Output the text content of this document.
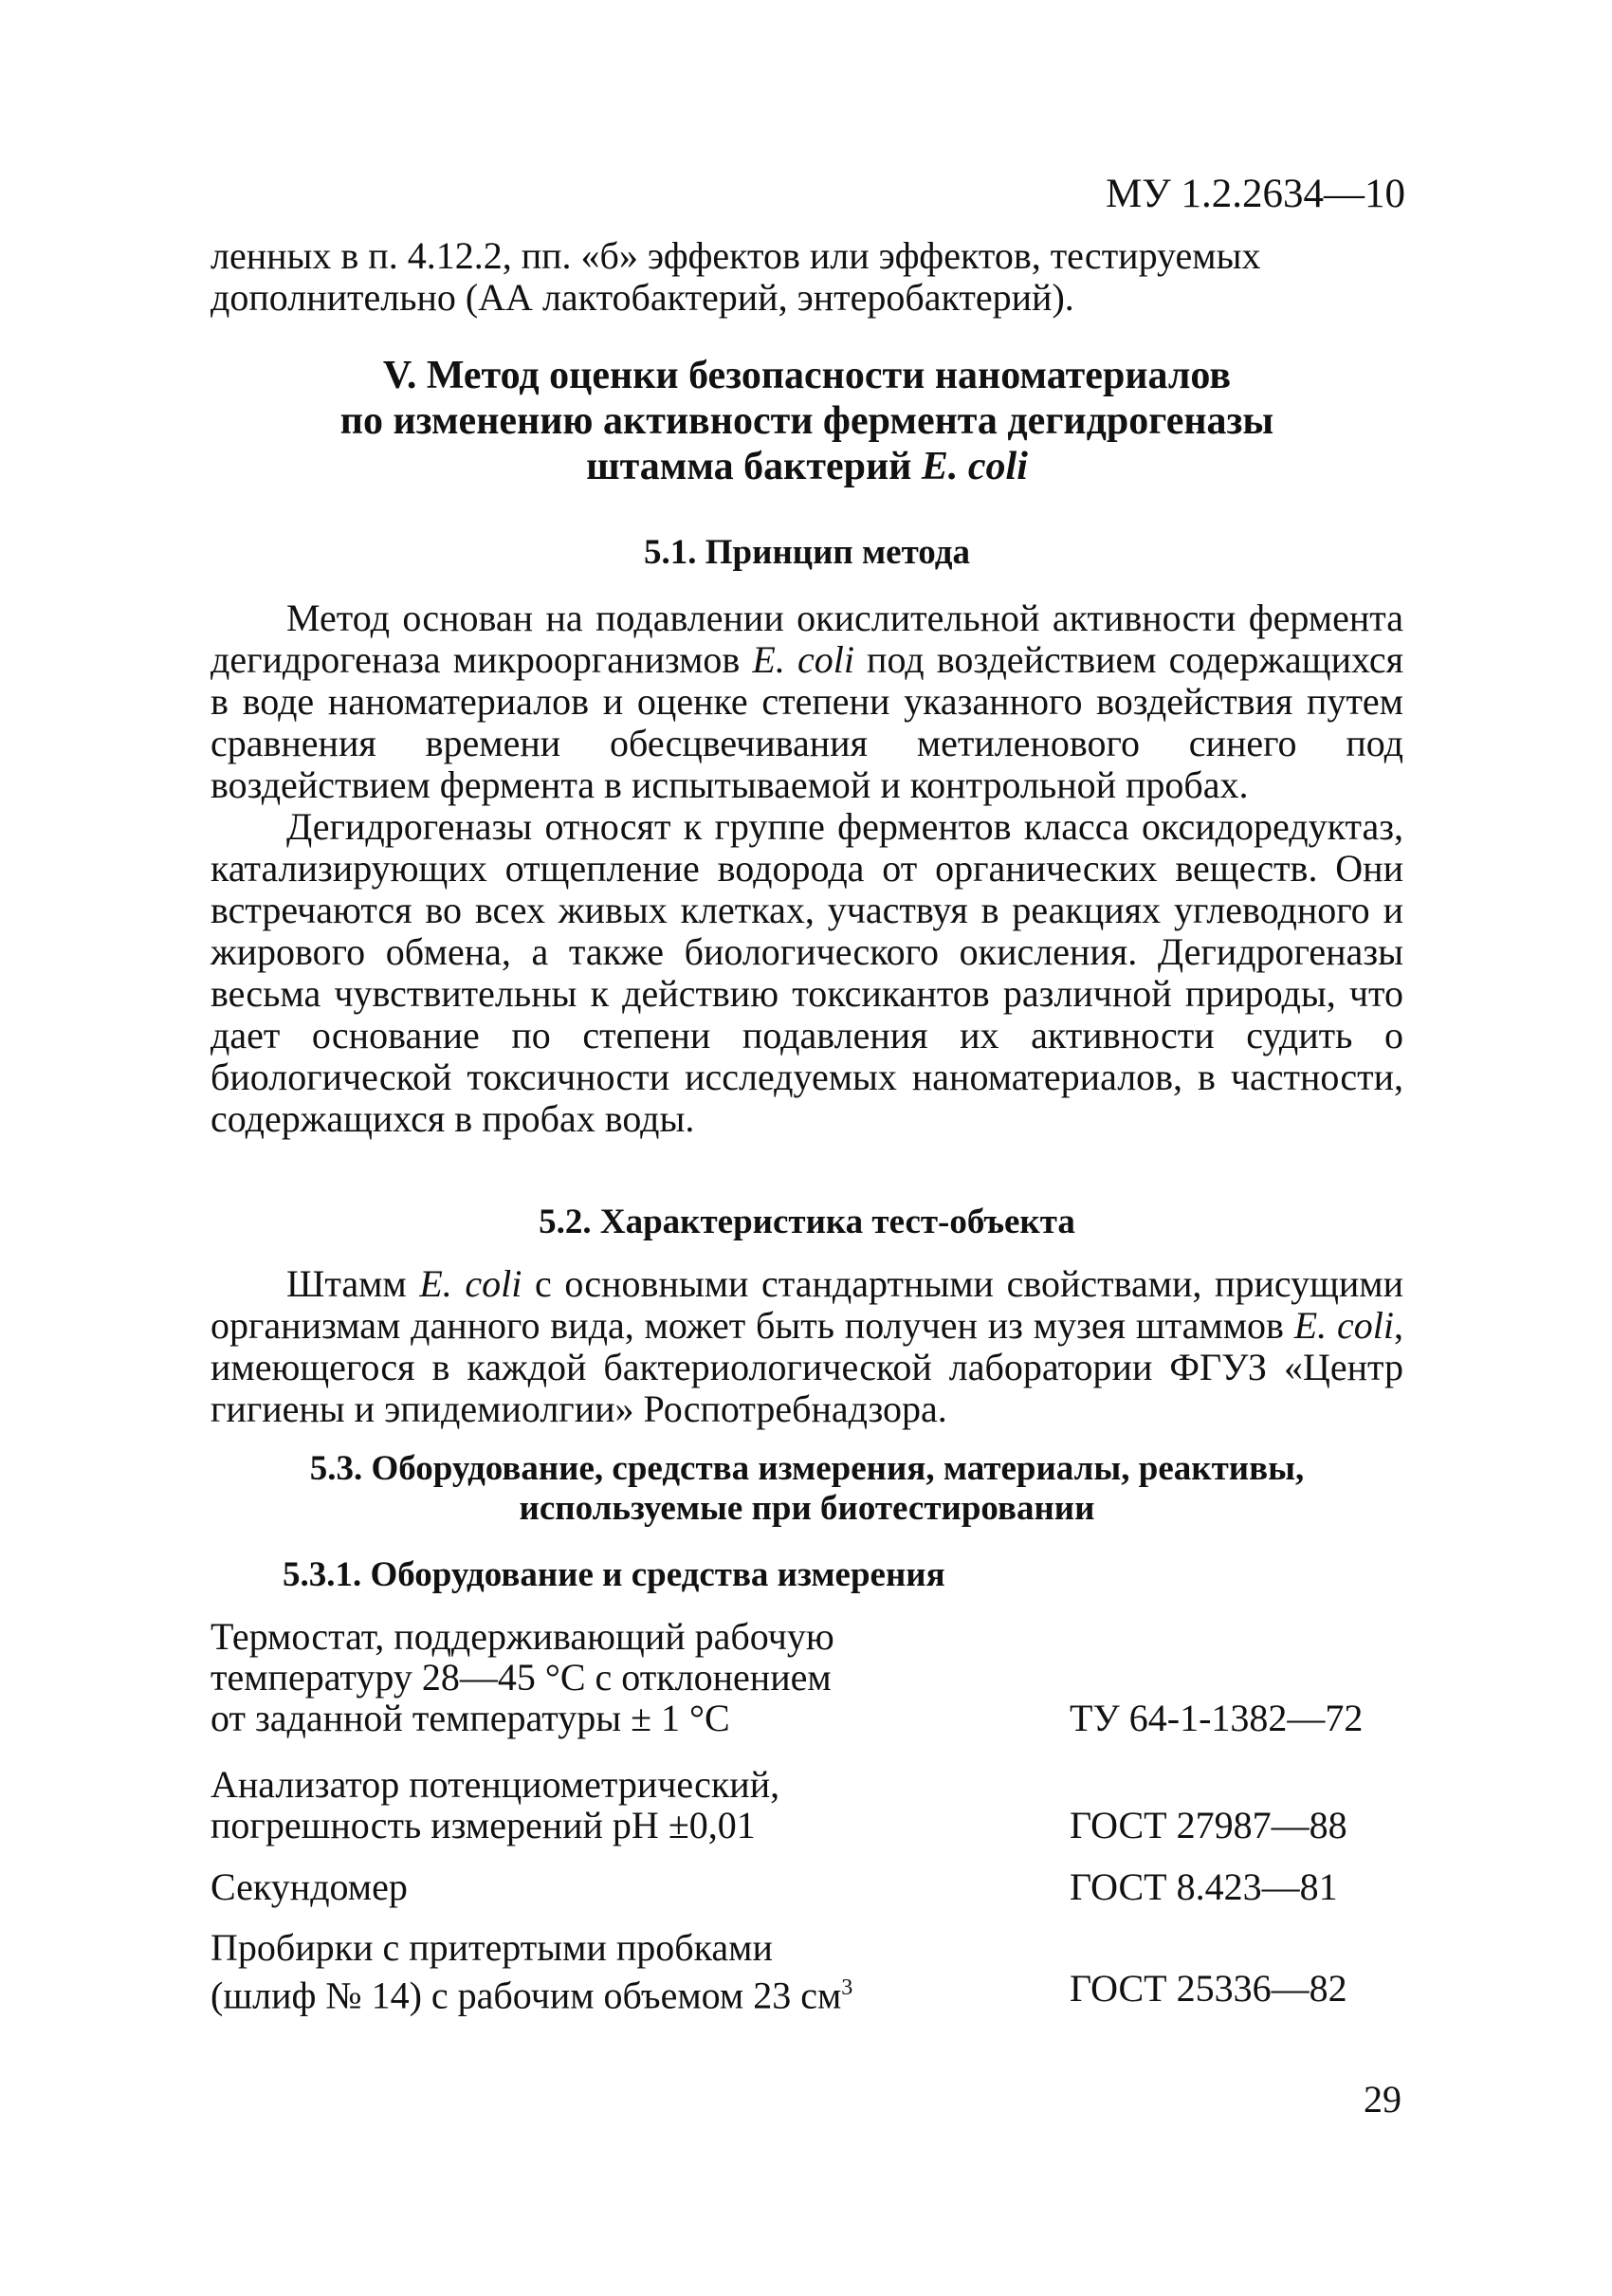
МУ 1.2.2634—10

ленных в п. 4.12.2, пп. «б» эффектов или эффектов, тестируемых

дополнительно (АА лактобактерий, энтеробактерий).

V. Метод оценки безопасности наноматериалов

по изменению активности фермента дегидрогеназы

штамма бактерий E. coli

5.1. Принцип метода

Метод основан на подавлении окислительной активности фермента дегидрогеназа микроорганизмов E. coli под воздействием содержащихся в воде наноматериалов и оценке степени указанного воздействия путем сравнения времени обесцвечивания метиленового синего под воздействием фермента в испытываемой и контрольной пробах.

Дегидрогеназы относят к группе ферментов класса оксидоредуктаз, катализирующих отщепление водорода от органических веществ. Они встречаются во всех живых клетках, участвуя в реакциях углеводного и жирового обмена, а также биологического окисления. Дегидрогеназы весьма чувствительны к действию токсикантов различной природы, что дает основание по степени подавления их активности судить о биологической токсичности исследуемых наноматериалов, в частности, содержащихся в пробах воды.

5.2. Характеристика тест-объекта

Штамм E. coli с основными стандартными свойствами, присущими организмам данного вида, может быть получен из музея штаммов E. coli, имеющегося в каждой бактериологической лаборатории ФГУЗ «Центр гигиены и эпидемиолгии» Роспотребнадзора.

5.3. Оборудование, средства измерения, материалы, реактивы,

используемые при биотестировании

5.3.1. Оборудование и средства измерения

Термостат, поддерживающий рабочую
температуру 28—45 °С с отклонением
от заданной температуры ± 1 °С	ТУ 64-1-1382—72

Анализатор потенциометрический,
погрешность измерений рН ±0,01	ГОСТ 27987—88

Секундомер	ГОСТ 8.423—81

Пробирки с притертыми пробками
(шлиф № 14) с рабочим объемом 23 $см^3$	ГОСТ 25336—82

29
